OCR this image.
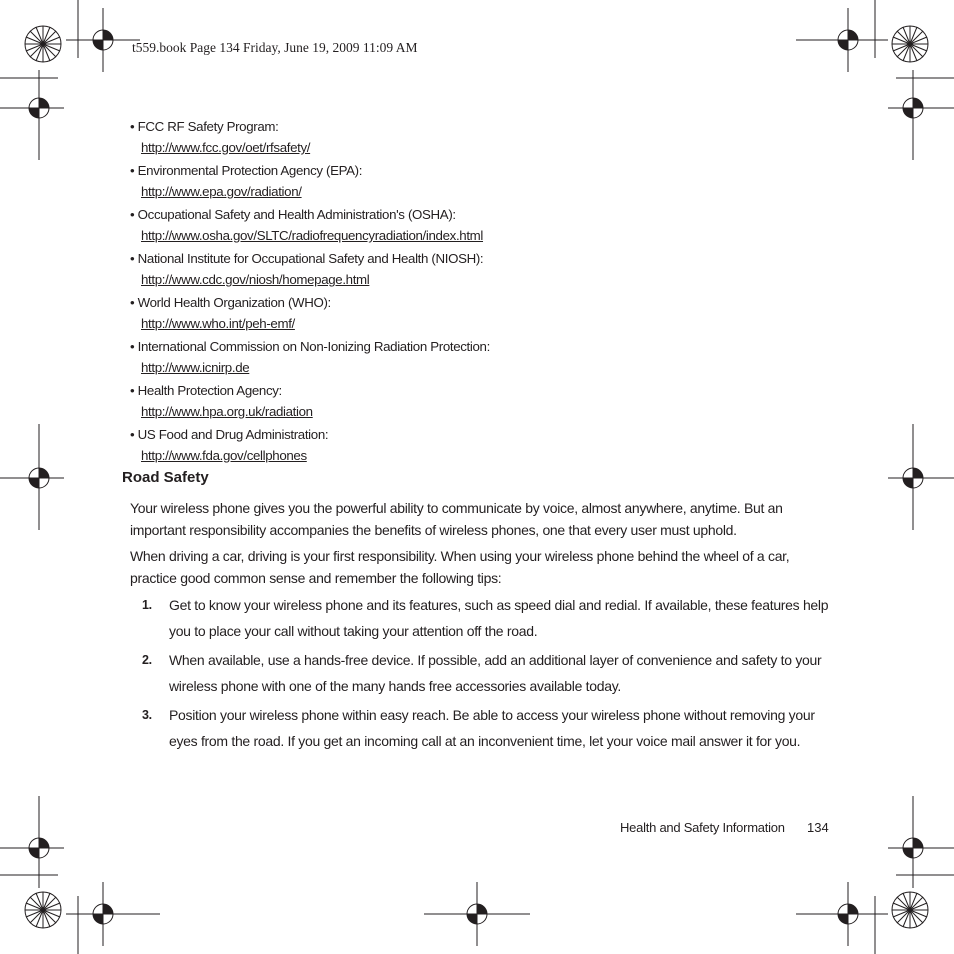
t559.book Page 134 Friday, June 19, 2009 11:09 AM
• FCC RF Safety Program:
http://www.fcc.gov/oet/rfsafety/
• Environmental Protection Agency (EPA):
http://www.epa.gov/radiation/
• Occupational Safety and Health Administration's (OSHA):
http://www.osha.gov/SLTC/radiofrequencyradiation/index.html
• National Institute for Occupational Safety and Health (NIOSH):
http://www.cdc.gov/niosh/homepage.html
• World Health Organization (WHO):
http://www.who.int/peh-emf/
• International Commission on Non-Ionizing Radiation Protection:
http://www.icnirp.de
• Health Protection Agency:
http://www.hpa.org.uk/radiation
• US Food and Drug Administration:
http://www.fda.gov/cellphones
Road Safety
Your wireless phone gives you the powerful ability to communicate by voice, almost anywhere, anytime. But an important responsibility accompanies the benefits of wireless phones, one that every user must uphold.
When driving a car, driving is your first responsibility. When using your wireless phone behind the wheel of a car, practice good common sense and remember the following tips:
1. Get to know your wireless phone and its features, such as speed dial and redial. If available, these features help you to place your call without taking your attention off the road.
2. When available, use a hands-free device. If possible, add an additional layer of convenience and safety to your wireless phone with one of the many hands free accessories available today.
3. Position your wireless phone within easy reach. Be able to access your wireless phone without removing your eyes from the road. If you get an incoming call at an inconvenient time, let your voice mail answer it for you.
Health and Safety Information 134
